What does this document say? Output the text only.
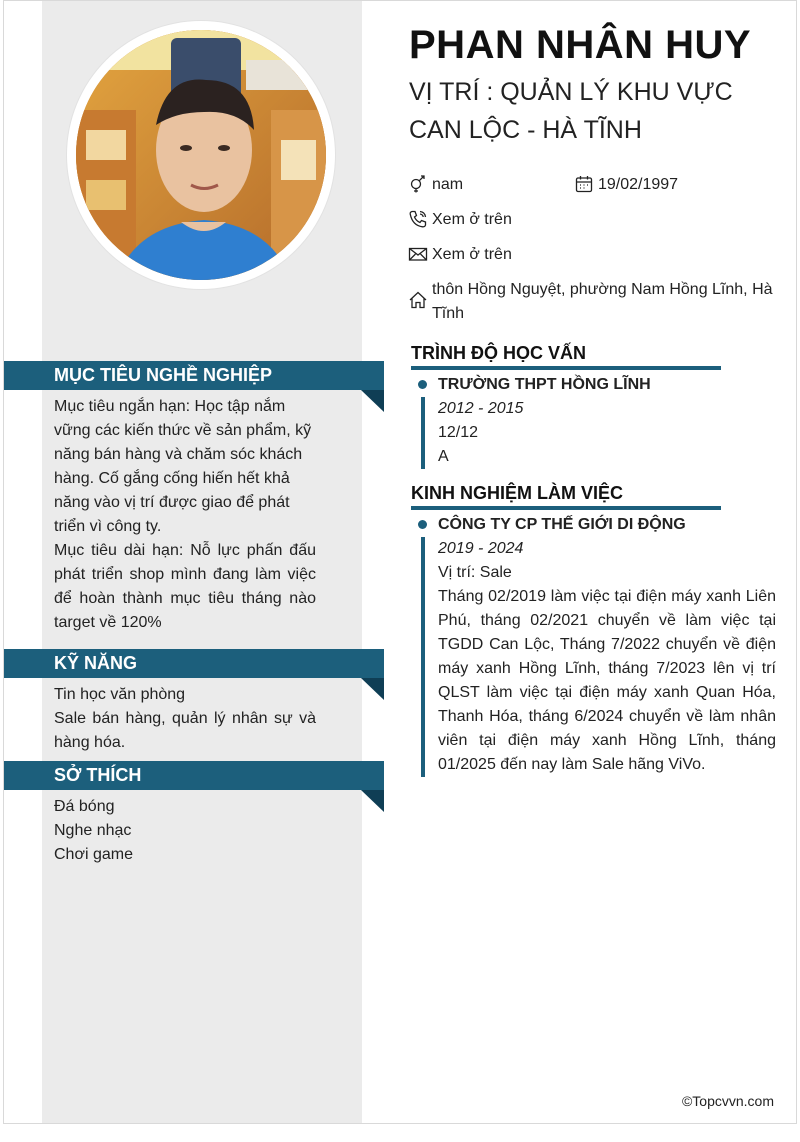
PHAN NHÂN HUY
VỊ TRÍ : QUẢN LÝ KHU VỰC CAN LỘC - HÀ TĨNH
nam	19/02/1997
Xem ở trên
Xem ở trên
thôn Hồng Nguyệt, phường Nam Hồng Lĩnh, Hà Tĩnh
MỤC TIÊU NGHỀ NGHIỆP

Mục tiêu ngắn hạn: Học tập nắm vững các kiến thức về sản phẩm, kỹ năng bán hàng và chăm sóc khách hàng. Cố gắng cống hiến hết khả năng vào vị trí được giao để phát triển vì công ty.

Mục tiêu dài hạn: Nỗ lực phấn đấu phát triển shop mình đang làm việc để hoàn thành mục tiêu tháng nào target về 120%

KỸ NĂNG

Tin học văn phòng

Sale bán hàng, quản lý nhân sự và hàng hóa.

SỞ THÍCH

Đá bóng

Nghe nhạc

Chơi game

TRÌNH ĐỘ HỌC VẤN
TRƯỜNG THPT HỒNG LĨNH
2012 - 2015
12/12
A
KINH NGHIỆM LÀM VIỆC
CÔNG TY CP THẾ GIỚI DI ĐỘNG
2019 - 2024
Vị trí: Sale
Tháng 02/2019 làm việc tại điện máy xanh Liên Phú, tháng 02/2021 chuyển về làm việc tại TGDD Can Lộc, Tháng 7/2022 chuyển về điện máy xanh Hồng Lĩnh, tháng 7/2023 lên vị trí QLST làm việc tại điện máy xanh Quan Hóa, Thanh Hóa, tháng 6/2024 chuyển về làm nhân viên tại điện máy xanh Hồng Lĩnh, tháng 01/2025 đến nay làm Sale hãng ViVo.
©Topcvvn.com
